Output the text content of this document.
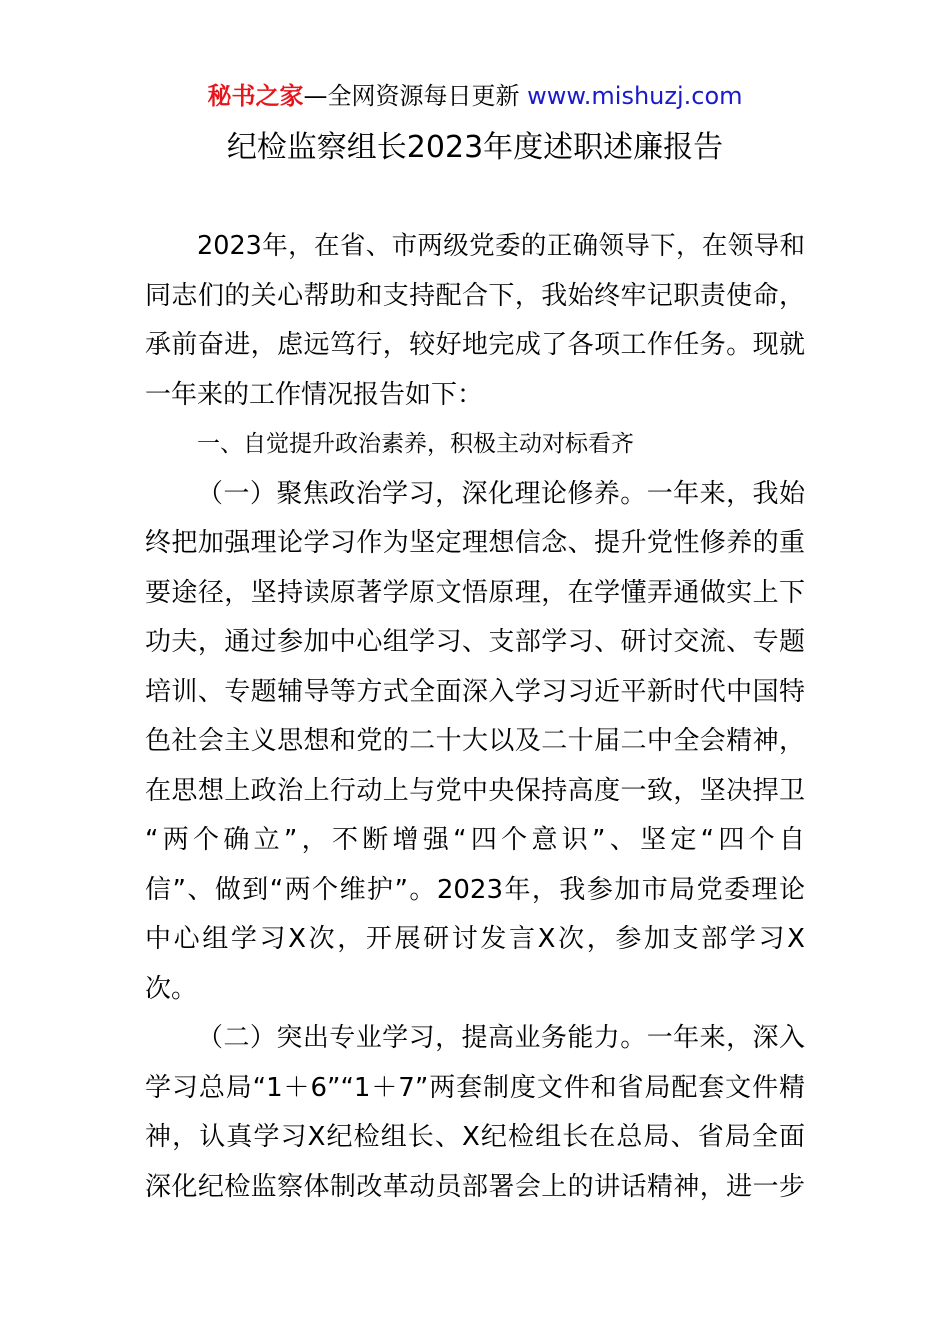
秘书之家—全网资源每日更新 www.mishuzj.com
纪检监察组长2023年度述职述廉报告
2023年，在省、市两级党委的正确领导下，在领导和
同志们的关心帮助和支持配合下，我始终牢记职责使命，
承前奋进，虑远笃行，较好地完成了各项工作任务。现就
一年来的工作情况报告如下：
一、自觉提升政治素养，积极主动对标看齐
（一）聚焦政治学习，深化理论修养。一年来，我始
终把加强理论学习作为坚定理想信念、提升党性修养的重
要途径，坚持读原著学原文悟原理，在学懂弄通做实上下
功夫，通过参加中心组学习、支部学习、研讨交流、专题
培训、专题辅导等方式全面深入学习习近平新时代中国特
色社会主义思想和党的二十大以及二十届二中全会精神，
在思想上政治上行动上与党中央保持高度一致，坚决捍卫
“两个确立”，不断增强“四个意识”、坚定“四个自
信”、做到“两个维护”。2023年，我参加市局党委理论
中心组学习X次，开展研讨发言X次，参加支部学习X
次。
（二）突出专业学习，提高业务能力。一年来，深入
学习总局“1＋6”“1＋7”两套制度文件和省局配套文件精
神，认真学习X纪检组长、X纪检组长在总局、省局全面
深化纪检监察体制改革动员部署会上的讲话精神，进一步
